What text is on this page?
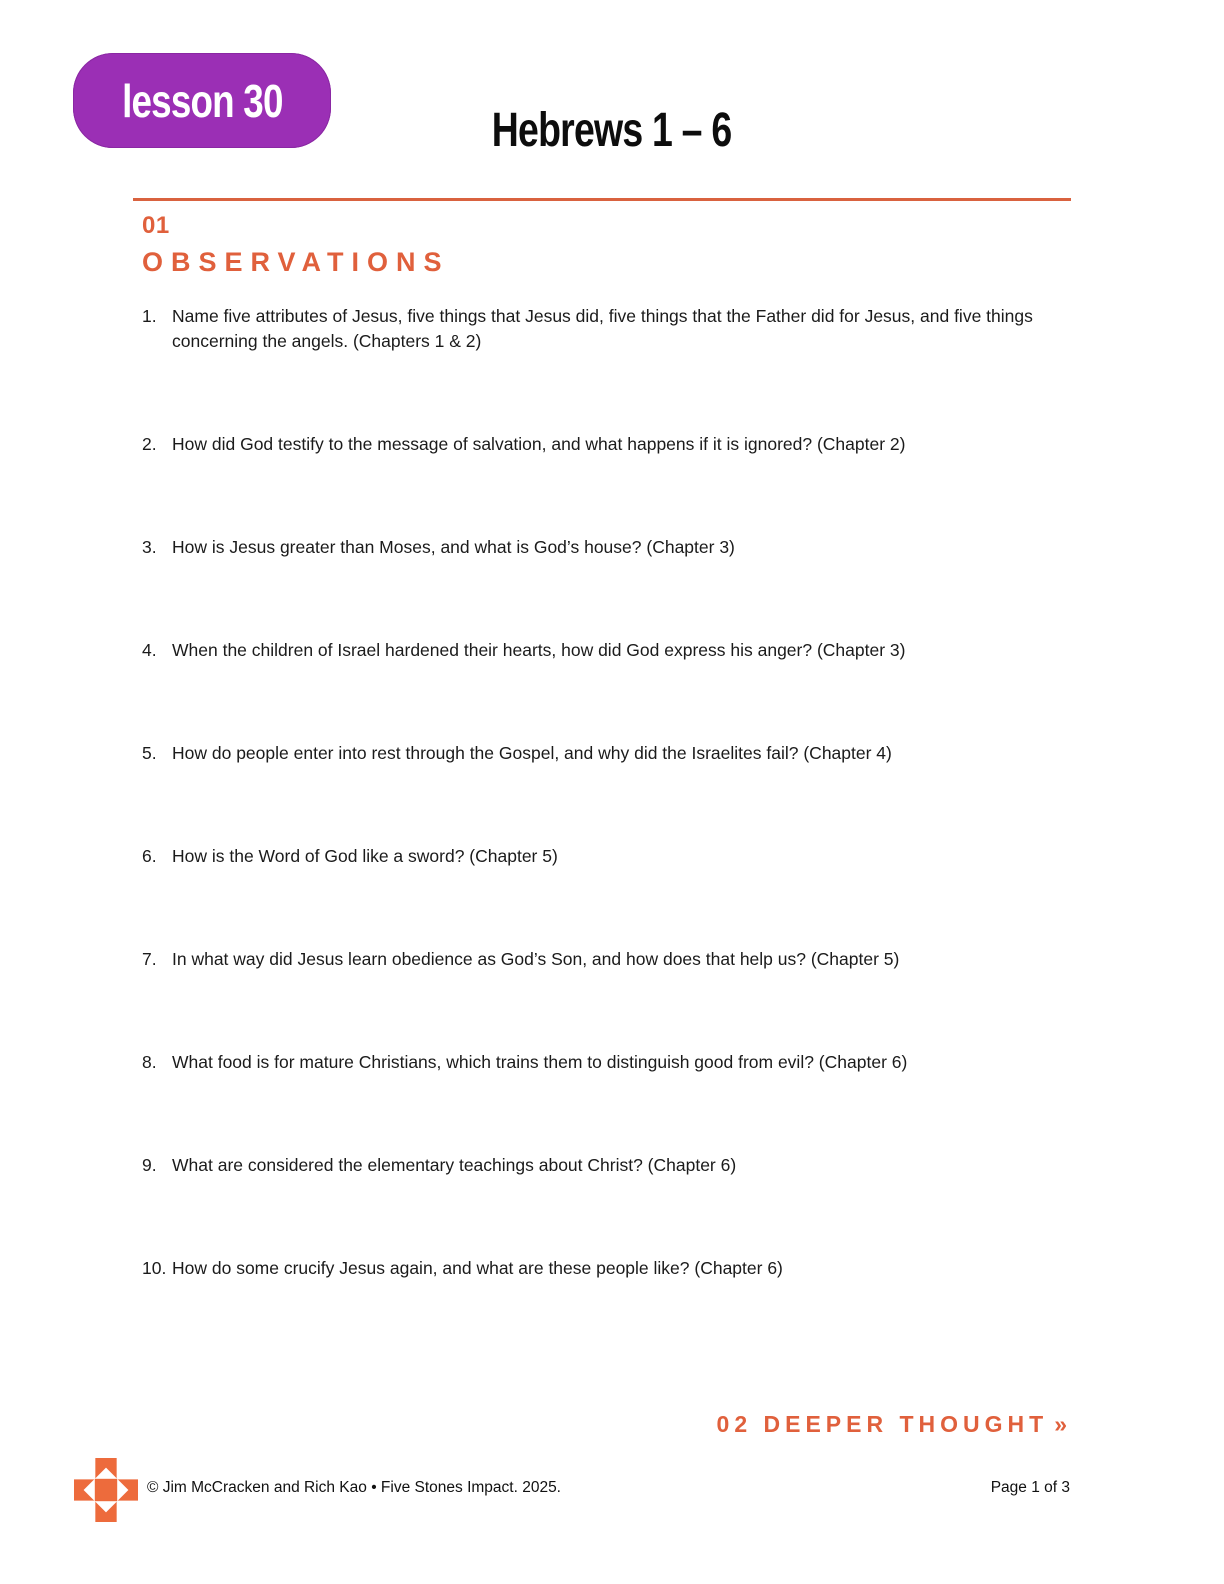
lesson 30
Hebrews 1 – 6
01
OBSERVATIONS
1. Name five attributes of Jesus, five things that Jesus did, five things that the Father did for Jesus, and five things concerning the angels. (Chapters 1 & 2)
2. How did God testify to the message of salvation, and what happens if it is ignored? (Chapter 2)
3. How is Jesus greater than Moses, and what is God’s house? (Chapter 3)
4. When the children of Israel hardened their hearts, how did God express his anger? (Chapter 3)
5. How do people enter into rest through the Gospel, and why did the Israelites fail? (Chapter 4)
6. How is the Word of God like a sword? (Chapter 5)
7. In what way did Jesus learn obedience as God’s Son, and how does that help us? (Chapter 5)
8. What food is for mature Christians, which trains them to distinguish good from evil? (Chapter 6)
9. What are considered the elementary teachings about Christ? (Chapter 6)
10. How do some crucify Jesus again, and what are these people like? (Chapter 6)
02 DEEPER THOUGHT »
© Jim McCracken and Rich Kao • Five Stones Impact. 2025.	Page 1 of 3
